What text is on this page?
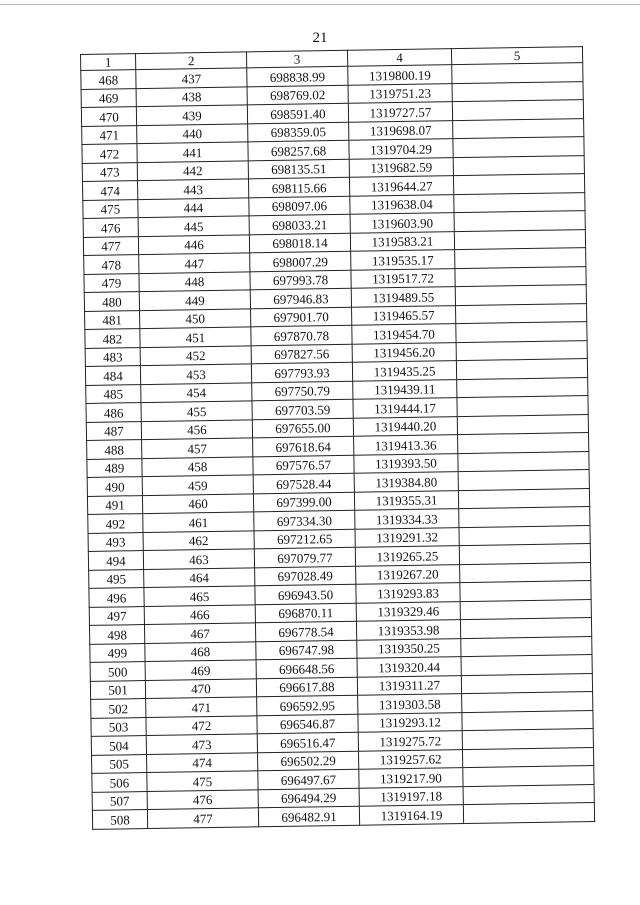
21
1	2	3	4	5
468	437	698838.99	1319800.19	
469	438	698769.02	1319751.23	
470	439	698591.40	1319727.57	
471	440	698359.05	1319698.07	
472	441	698257.68	1319704.29	
473	442	698135.51	1319682.59	
474	443	698115.66	1319644.27	
475	444	698097.06	1319638.04	
476	445	698033.21	1319603.90	
477	446	698018.14	1319583.21	
478	447	698007.29	1319535.17	
479	448	697993.78	1319517.72	
480	449	697946.83	1319489.55	
481	450	697901.70	1319465.57	
482	451	697870.78	1319454.70	
483	452	697827.56	1319456.20	
484	453	697793.93	1319435.25	
485	454	697750.79	1319439.11	
486	455	697703.59	1319444.17	
487	456	697655.00	1319440.20	
488	457	697618.64	1319413.36	
489	458	697576.57	1319393.50	
490	459	697528.44	1319384.80	
491	460	697399.00	1319355.31	
492	461	697334.30	1319334.33	
493	462	697212.65	1319291.32	
494	463	697079.77	1319265.25	
495	464	697028.49	1319267.20	
496	465	696943.50	1319293.83	
497	466	696870.11	1319329.46	
498	467	696778.54	1319353.98	
499	468	696747.98	1319350.25	
500	469	696648.56	1319320.44	
501	470	696617.88	1319311.27	
502	471	696592.95	1319303.58	
503	472	696546.87	1319293.12	
504	473	696516.47	1319275.72	
505	474	696502.29	1319257.62	
506	475	696497.67	1319217.90	
507	476	696494.29	1319197.18	
508	477	696482.91	1319164.19	
